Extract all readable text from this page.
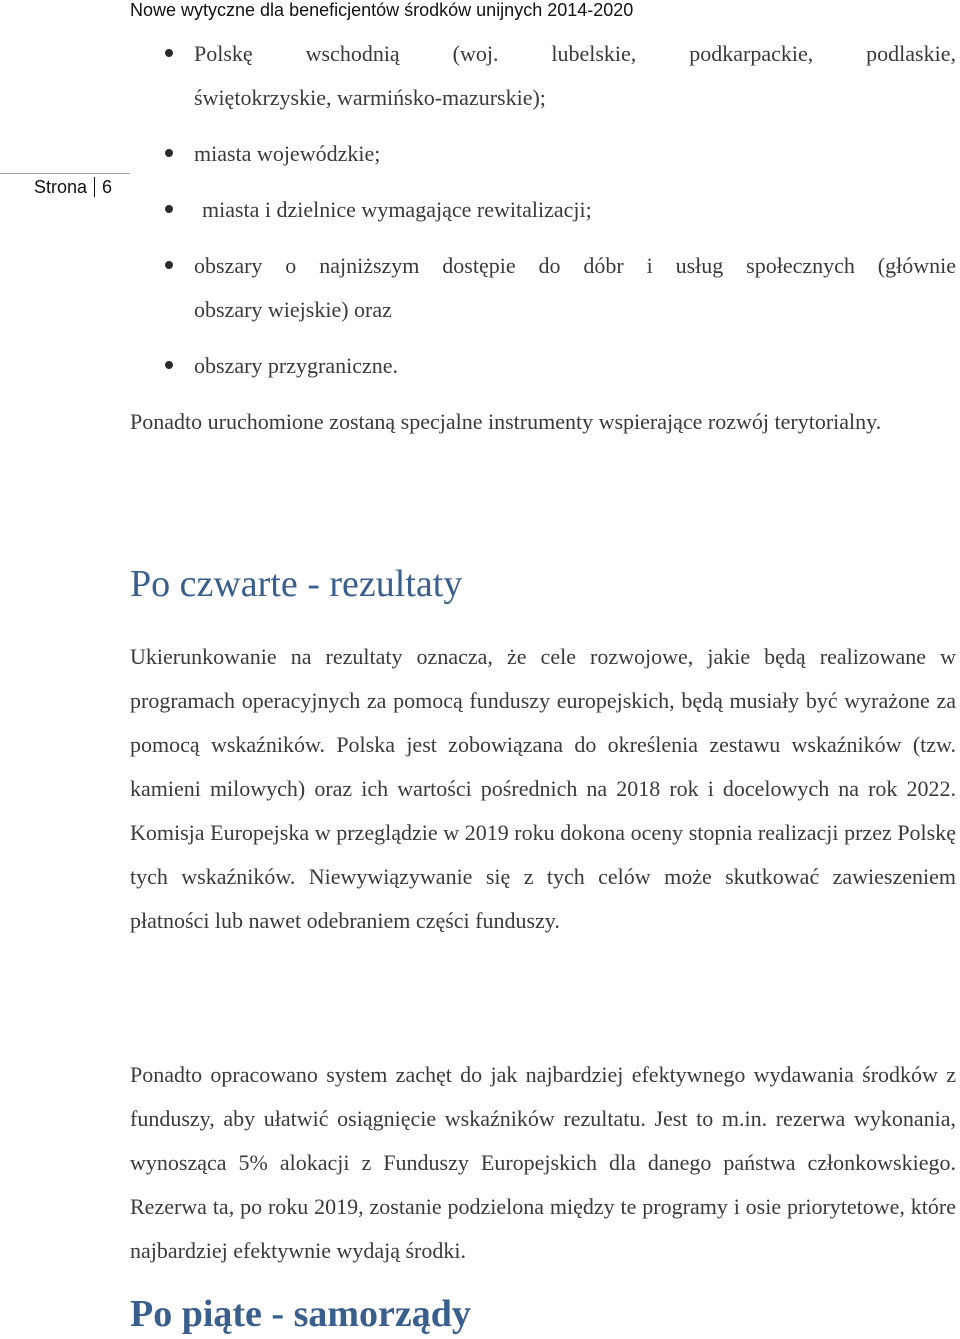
Nowe wytyczne dla beneficjentów środków unijnych 2014-2020
Strona 6
Polskę wschodnią (woj. lubelskie, podkarpackie, podlaskie,
świętokrzyskie, warmińsko-mazurskie);
miasta wojewódzkie;
miasta i dzielnice wymagające rewitalizacji;
obszary o najniższym dostępie do dóbr i usług społecznych (głównie
obszary wiejskie) oraz
obszary przygraniczne.

Ponadto uruchomione zostaną specjalne instrumenty wspierające rozwój terytorialny.

Po czwarte - rezultaty

Ukierunkowanie na rezultaty oznacza, że cele rozwojowe, jakie będą realizowane w programach operacyjnych za pomocą funduszy europejskich, będą musiały być wyrażone za pomocą wskaźników. Polska jest zobowiązana do określenia zestawu wskaźników (tzw. kamieni milowych) oraz ich wartości pośrednich na 2018 rok i docelowych na rok 2022. Komisja Europejska w przeglądzie w 2019 roku dokona oceny stopnia realizacji przez Polskę tych wskaźników. Niewywiązywanie się z tych celów może skutkować zawieszeniem płatności lub nawet odebraniem części funduszy.

Ponadto opracowano system zachęt do jak najbardziej efektywnego wydawania środków z funduszy, aby ułatwić osiągnięcie wskaźników rezultatu. Jest to m.in. rezerwa wykonania, wynosząca 5% alokacji z Funduszy Europejskich dla danego państwa członkowskiego. Rezerwa ta, po roku 2019, zostanie podzielona między te programy i osie priorytetowe, które najbardziej efektywnie wydają środki.

Po piąte - samorządy
